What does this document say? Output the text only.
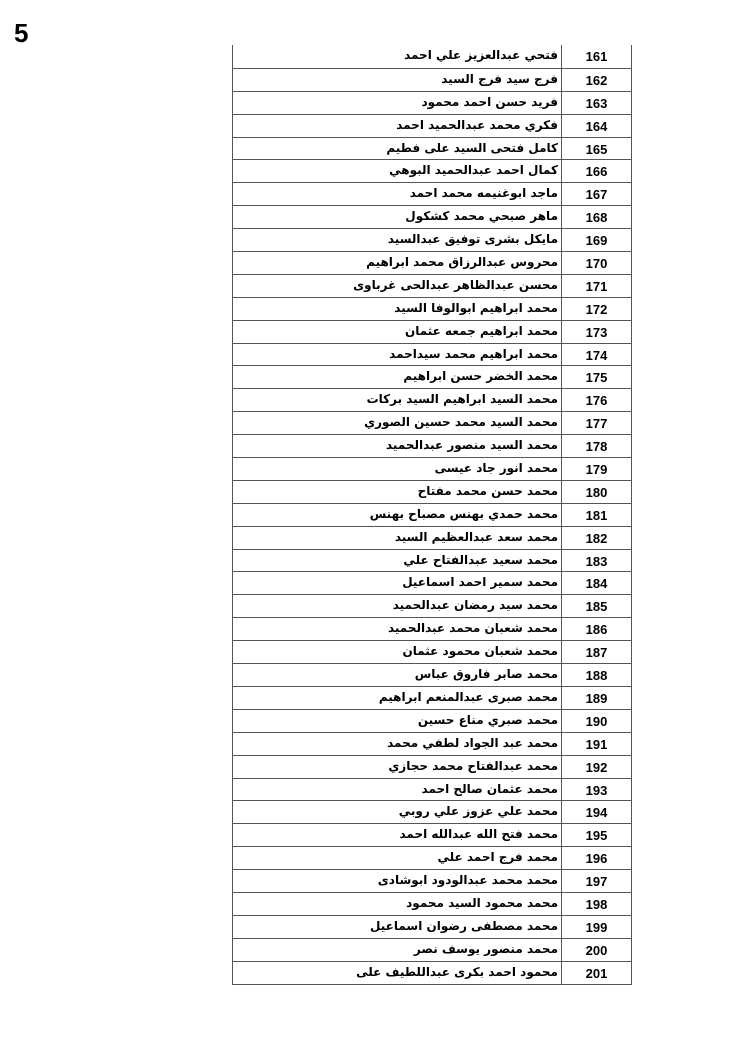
5
فتحي عبدالعزيز علي احمد	161
فرج سيد فرج السيد	162
فريد حسن احمد محمود	163
فكري محمد عبدالحميد احمد	164
كامل فتحى السيد على فطيم	165
كمال احمد عبدالحميد البوهي	166
ماجد ابوغنيمه محمد احمد	167
ماهر صبحي محمد كشكول	168
مايكل بشرى توفيق عبدالسيد	169
محروس عبدالرزاق محمد ابراهيم	170
محسن عبدالظاهر عبدالحى غرباوى	171
محمد ابراهيم ابوالوفا السيد	172
محمد ابراهيم جمعه عثمان	173
محمد ابراهيم محمد سيداحمد	174
محمد الخضر حسن ابراهيم	175
محمد السيد ابراهيم السيد بركات	176
محمد السيد محمد حسين الصوري	177
محمد السيد منصور عبدالحميد	178
محمد انور جاد عيسى	179
محمد حسن محمد مفتاح	180
محمد حمدي بهنس مصباح بهنس	181
محمد سعد عبدالعظيم السيد	182
محمد سعيد عبدالفتاح علي	183
محمد سمير احمد اسماعيل	184
محمد سيد رمضان عبدالحميد	185
محمد شعبان محمد عبدالحميد	186
محمد شعبان محمود عثمان	187
محمد صابر فاروق عباس	188
محمد صبرى عبدالمنعم ابراهيم	189
محمد صبري مناع حسين	190
محمد عبد الجواد لطفي محمد	191
محمد عبدالفتاح محمد حجازي	192
محمد عثمان صالح احمد	193
محمد علي عزوز علي روبي	194
محمد فتح الله عبدالله احمد	195
محمد فرج احمد علي	196
محمد محمد عبدالودود ابوشادى	197
محمد محمود السيد محمود	198
محمد مصطفى رضوان اسماعيل	199
محمد منصور يوسف نصر	200
محمود احمد بكرى عبداللطيف على	201
